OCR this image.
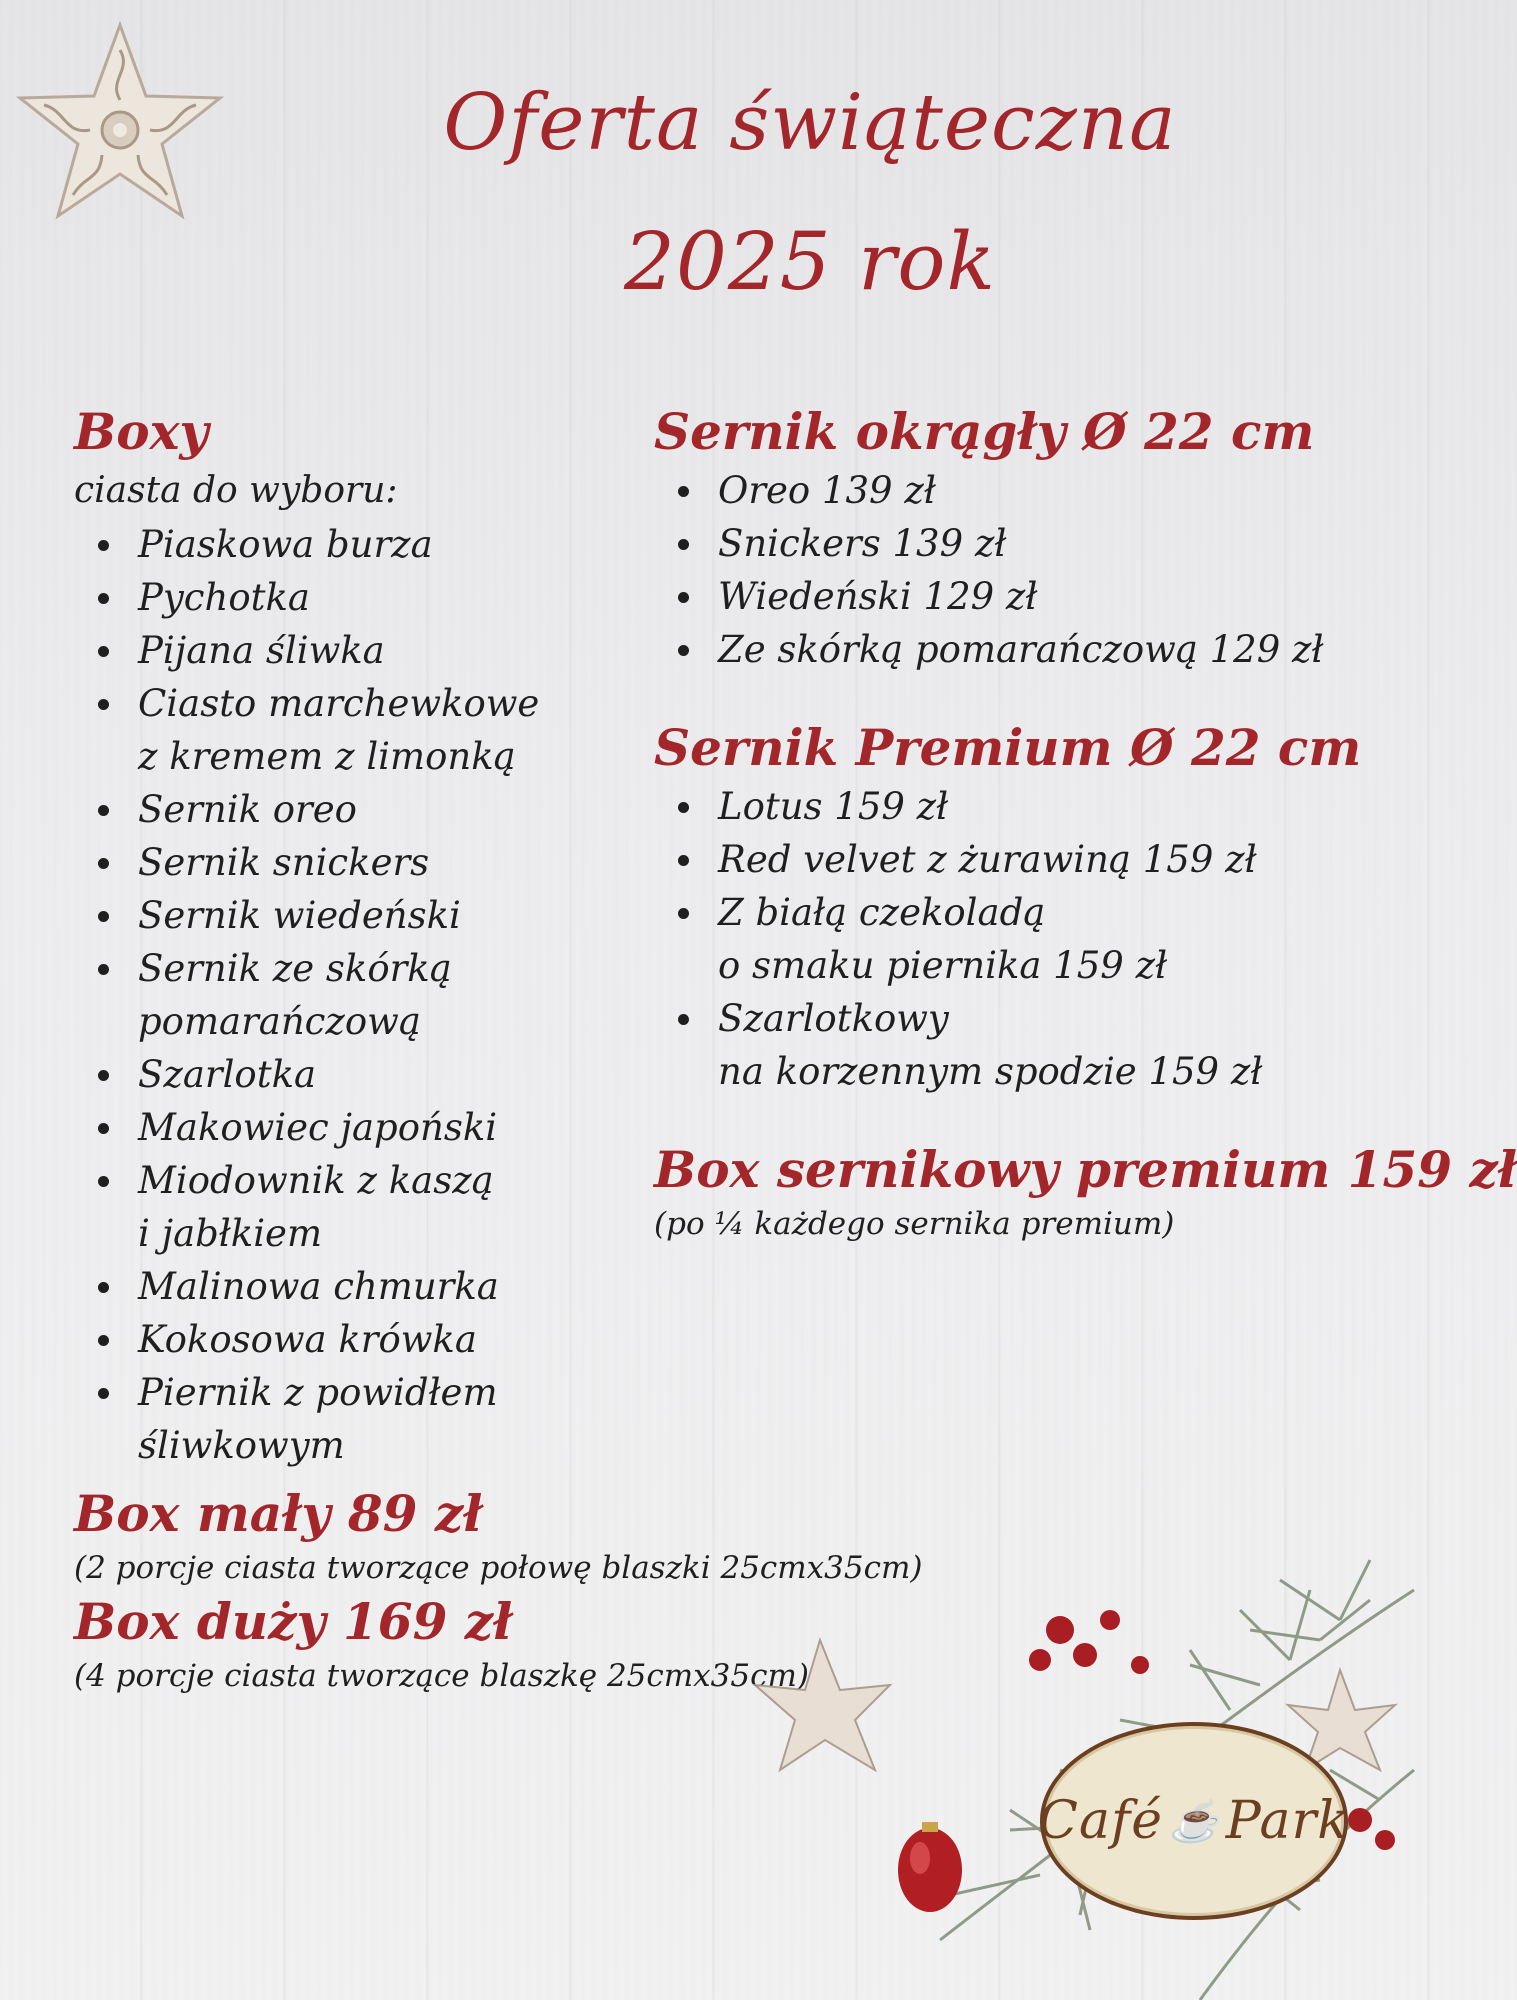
Oferta świąteczna
2025 rok

Boxy

ciasta do wyboru:

Piaskowa burza
Pychotka
Pijana śliwka
Ciasto marchewkowe
z kremem z limonką
Sernik oreo
Sernik snickers
Sernik wiedeński
Sernik ze skórką
pomarańczową
Szarlotka
Makowiec japoński
Miodownik z kaszą
i jabłkiem
Malinowa chmurka
Kokosowa krówka
Piernik z powidłem
śliwkowym

Box mały 89 zł

(2 porcje ciasta tworzące połowę blaszki 25cmx35cm)

Box duży 169 zł

(4 porcje ciasta tworzące blaszkę 25cmx35cm)

Sernik okrągły Ø 22 cm

Oreo 139 zł
Snickers 139 zł
Wiedeński 129 zł
Ze skórką pomarańczową 129 zł

Sernik Premium Ø 22 cm

Lotus 159 zł
Red velvet z żurawiną 159 zł
Z białą czekoladą
o smaku piernika 159 zł
Szarlotkowy
na korzennym spodzie 159 zł

Box sernikowy premium 159 zł

(po ¼ każdego sernika premium)

Café ☕ Park
